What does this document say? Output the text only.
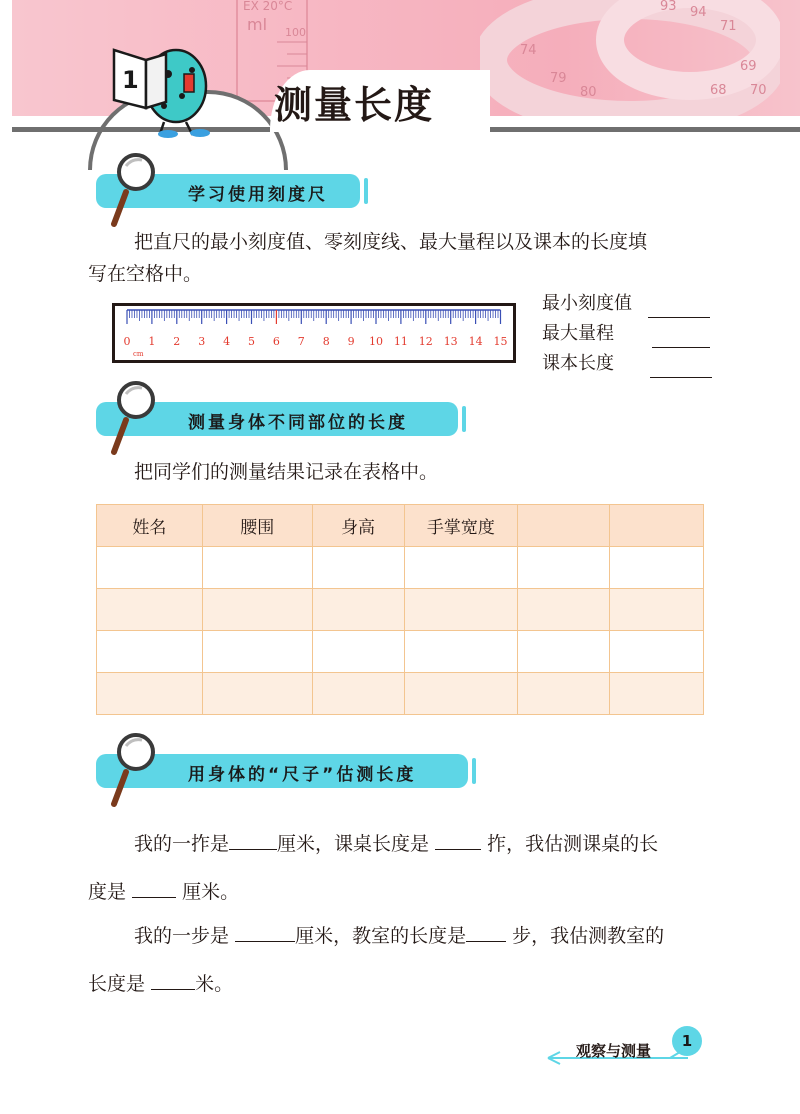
EX 20°C
ml 100
74
79
80
93 94
71
69
68 70
测量长度
1
学习使用刻度尺
把直尺的最小刻度值、零刻度线、最大量程以及课本的长度填
写在空格中。
0 1 2 3 4 5 6 7 8 9 10 11 12 13 14 15
cm
最小刻度值
最大量程
课本长度
测量身体不同部位的长度
把同学们的测量结果记录在表格中。
姓名	腰围	身高	手掌宽度		

用身体的“尺子”估测长度
我的一拃是	厘米，课桌长度是	拃，我估测课桌的长
度是	厘米。
我的一步是	厘米，教室的长度是 步，我估测教室的
长度是	米。
观察与测量
1
